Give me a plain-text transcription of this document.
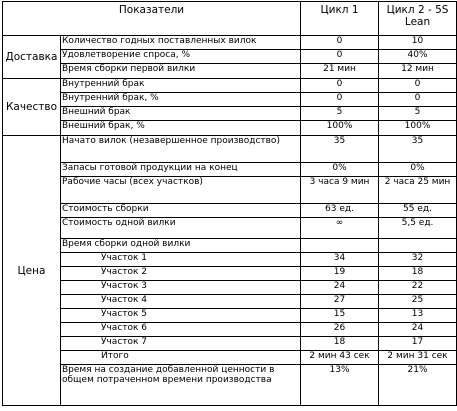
Показатели		Цикл 1	Цикл 2 - 5S Lean
Доставка	Количество годных поставленных вилок	0	10
	Удовлетворение спроса, %	0	40%
	Время сборки первой вилки	21 мин	12 мин
Качество	Внутренний брак	0	0
	Внутренний брак, %	0	0
	Внешний брак	5	5
	Внешний брак, %	100%	100%
Цена	Начато вилок (незавершенное производство)	35	35
	Запасы готовой продукции на конец	0%	0%
	Рабочие часы (всех участков)	3 часа 9 мин	2 часа 25 мин
	Стоимость сборки	63 ед.	55 ед.
	Стоимость одной вилки	∞	5,5 ед.
	Время сборки одной вилки		
	Участок 1	34	32
	Участок 2	19	18
	Участок 3	24	22
	Участок 4	27	25
	Участок 5	15	13
	Участок 6	26	24
	Участок 7	18	17
	Итого	2 мин 43 сек	2 мин 31 сек
	Время на создание добавленной ценности в общем потраченном времени производства	13%	21%
